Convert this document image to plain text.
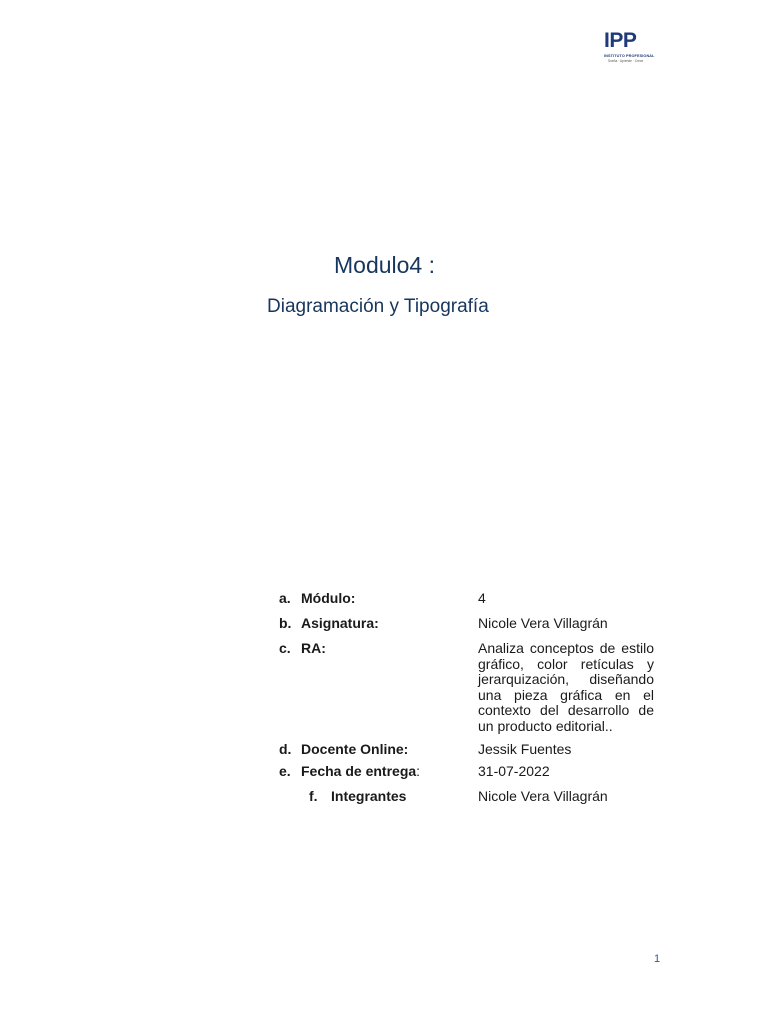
IPP
INSTITUTO PROFESIONAL
Sueña · Aprende · Crece
Modulo4 :
Diagramación y Tipografía
a. Módulo:	4
b. Asignatura:	Nicole Vera Villagrán
c. RA:	Analiza conceptos de estilo gráfico, color retículas y jerarquización, diseñando una pieza gráfica en el contexto del desarrollo de un producto editorial..
d. Docente Online:	Jessik Fuentes
e. Fecha de entrega:	31-07-2022
f. Integrantes	Nicole Vera Villagrán
1
